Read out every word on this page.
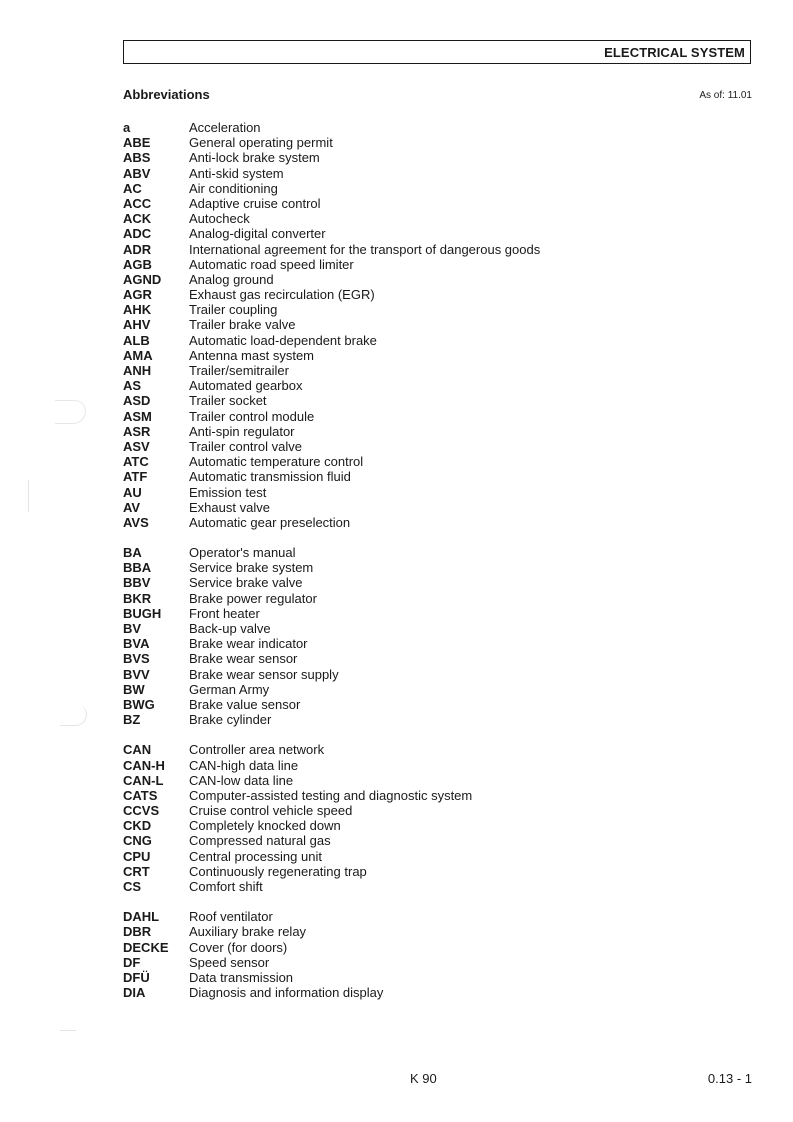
ELECTRICAL SYSTEM
Abbreviations	As of: 11.01
a	Acceleration
ABE	General operating permit
ABS	Anti-lock brake system
ABV	Anti-skid system
AC	Air conditioning
ACC	Adaptive cruise control
ACK	Autocheck
ADC	Analog-digital converter
ADR	International agreement for the transport of dangerous goods
AGB	Automatic road speed limiter
AGND	Analog ground
AGR	Exhaust gas recirculation (EGR)
AHK	Trailer coupling
AHV	Trailer brake valve
ALB	Automatic load-dependent brake
AMA	Antenna mast system
ANH	Trailer/semitrailer
AS	Automated gearbox
ASD	Trailer socket
ASM	Trailer control module
ASR	Anti-spin regulator
ASV	Trailer control valve
ATC	Automatic temperature control
ATF	Automatic transmission fluid
AU	Emission test
AV	Exhaust valve
AVS	Automatic gear preselection
BA	Operator's manual
BBA	Service brake system
BBV	Service brake valve
BKR	Brake power regulator
BUGH	Front heater
BV	Back-up valve
BVA	Brake wear indicator
BVS	Brake wear sensor
BVV	Brake wear sensor supply
BW	German Army
BWG	Brake value sensor
BZ	Brake cylinder
CAN	Controller area network
CAN-H	CAN-high data line
CAN-L	CAN-low data line
CATS	Computer-assisted testing and diagnostic system
CCVS	Cruise control vehicle speed
CKD	Completely knocked down
CNG	Compressed natural gas
CPU	Central processing unit
CRT	Continuously regenerating trap
CS	Comfort shift
DAHL	Roof ventilator
DBR	Auxiliary brake relay
DECKE	Cover (for doors)
DF	Speed sensor
DFÜ	Data transmission
DIA	Diagnosis and information display
K 90	0.13 - 1
